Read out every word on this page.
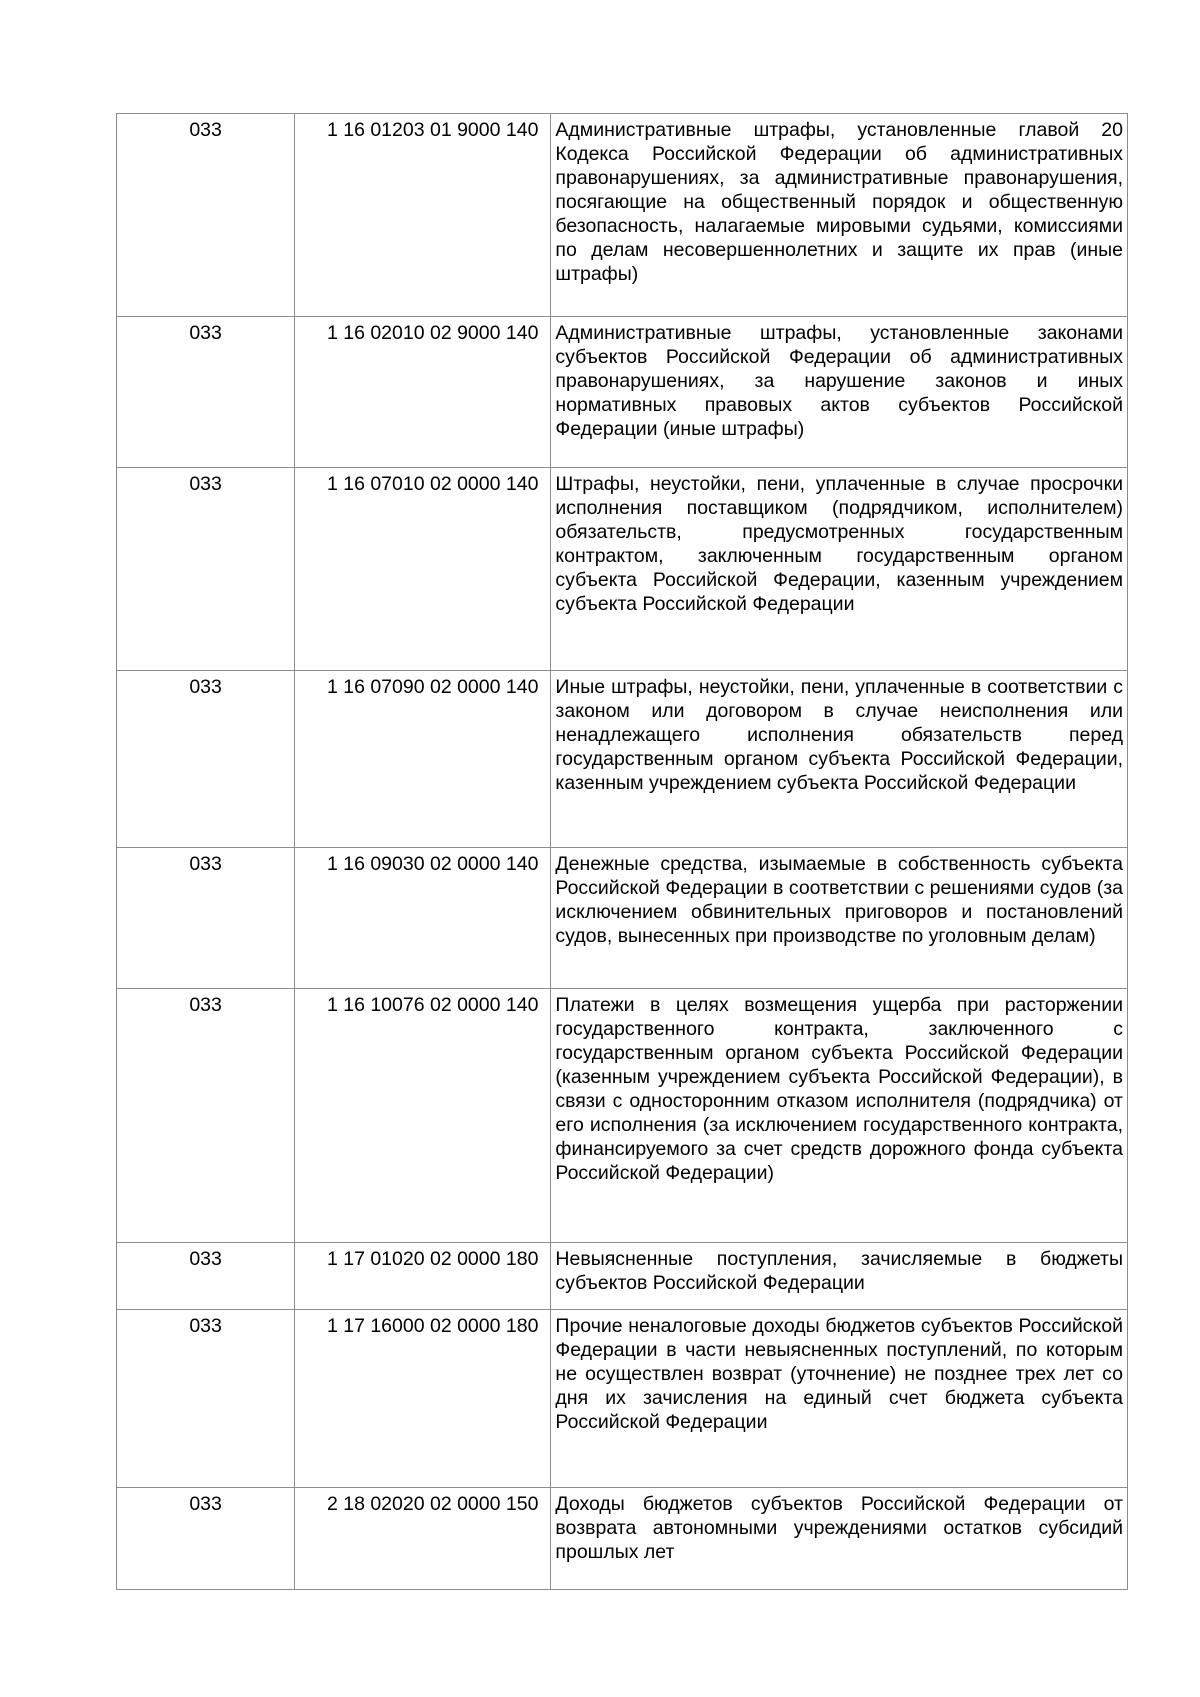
033	1 16 01203 01 9000 140	Административные штрафы, установленные главой 20 Кодекса Российской Федерации об административных правонарушениях, за административные правонарушения, посягающие на общественный порядок и общественную безопасность, налагаемые мировыми судьями, комиссиями по делам несовершеннолетних и защите их прав (иные штрафы)
033	1 16 02010 02 9000 140	Административные штрафы, установленные законами субъектов Российской Федерации об административных правонарушениях, за нарушение законов и иных нормативных правовых актов субъектов Российской Федерации (иные штрафы)
033	1 16 07010 02 0000 140	Штрафы, неустойки, пени, уплаченные в случае просрочки исполнения поставщиком (подрядчиком, исполнителем) обязательств, предусмотренных государственным контрактом, заключенным государственным органом субъекта Российской Федерации, казенным учреждением субъекта Российской Федерации
033	1 16 07090 02 0000 140	Иные штрафы, неустойки, пени, уплаченные в соответствии с законом или договором в случае неисполнения или ненадлежащего исполнения обязательств перед государственным органом субъекта Российской Федерации, казенным учреждением субъекта Российской Федерации
033	1 16 09030 02 0000 140	Денежные средства, изымаемые в собственность субъекта Российской Федерации в соответствии с решениями судов (за исключением обвинительных приговоров и постановлений судов, вынесенных при производстве по уголовным делам)
033	1 16 10076 02 0000 140	Платежи в целях возмещения ущерба при расторжении государственного контракта, заключенного с государственным органом субъекта Российской Федерации (казенным учреждением субъекта Российской Федерации), в связи с односторонним отказом исполнителя (подрядчика) от его исполнения (за исключением государственного контракта, финансируемого за счет средств дорожного фонда субъекта Российской Федерации)
033	1 17 01020 02 0000 180	Невыясненные поступления, зачисляемые в бюджеты субъектов Российской Федерации
033	1 17 16000 02 0000 180	Прочие неналоговые доходы бюджетов субъектов Российской Федерации в части невыясненных поступлений, по которым не осуществлен возврат (уточнение) не позднее трех лет со дня их зачисления на единый счет бюджета субъекта Российской Федерации
033	2 18 02020 02 0000 150	Доходы бюджетов субъектов Российской Федерации от возврата автономными учреждениями остатков субсидий прошлых лет
